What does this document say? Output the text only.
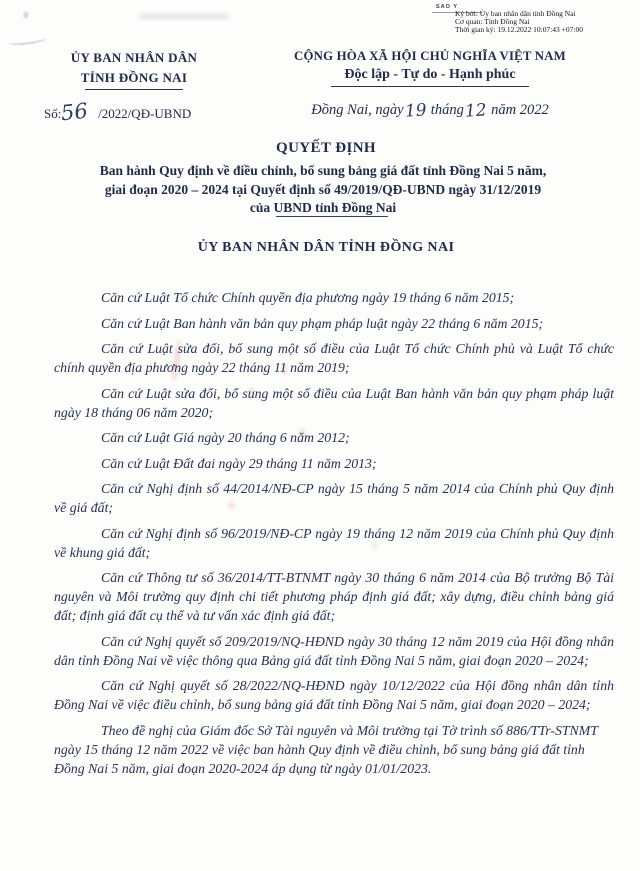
SAO Y
Ký bởi: Ủy ban nhân dân tỉnh Đồng Nai
Cơ quan: Tỉnh Đồng Nai
Thời gian ký: 19.12.2022 10:07:43 +07:00
ỦY BAN NHÂN DÂN
TỈNH ĐỒNG NAI
Số:56 /2022/QĐ-UBND
CỘNG HÒA XÃ HỘI CHỦ NGHĨA VIỆT NAM
Độc lập - Tự do - Hạnh phúc
Đồng Nai, ngày19 tháng12 năm 2022
QUYẾT ĐỊNH
Ban hành Quy định về điều chỉnh, bổ sung bảng giá đất tỉnh Đồng Nai 5 năm, giai đoạn 2020 – 2024 tại Quyết định số 49/2019/QĐ-UBND ngày 31/12/2019 của UBND tỉnh Đồng Nai
ỦY BAN NHÂN DÂN TỈNH ĐỒNG NAI

Căn cứ Luật Tổ chức Chính quyền địa phương ngày 19 tháng 6 năm 2015;

Căn cứ Luật Ban hành văn bản quy phạm pháp luật ngày 22 tháng 6 năm 2015;

Căn cứ Luật sửa đổi, bổ sung một số điều của Luật Tổ chức Chính phủ và Luật Tổ chức chính quyền địa phương ngày 22 tháng 11 năm 2019;

Căn cứ Luật sửa đổi, bổ sung một số điều của Luật Ban hành văn bản quy phạm pháp luật ngày 18 tháng 06 năm 2020;

Căn cứ Luật Giá ngày 20 tháng 6 năm 2012;

Căn cứ Luật Đất đai ngày 29 tháng 11 năm 2013;

Căn cứ Nghị định số 44/2014/NĐ-CP ngày 15 tháng 5 năm 2014 của Chính phủ Quy định về giá đất;

Căn cứ Nghị định số 96/2019/NĐ-CP ngày 19 tháng 12 năm 2019 của Chính phủ Quy định về khung giá đất;

Căn cứ Thông tư số 36/2014/TT-BTNMT ngày 30 tháng 6 năm 2014 của Bộ trưởng Bộ Tài nguyên và Môi trường quy định chi tiết phương pháp định giá đất; xây dựng, điều chỉnh bảng giá đất; định giá đất cụ thể và tư vấn xác định giá đất;

Căn cứ Nghị quyết số 209/2019/NQ-HĐND ngày 30 tháng 12 năm 2019 của Hội đồng nhân dân tỉnh Đồng Nai về việc thông qua Bảng giá đất tỉnh Đồng Nai 5 năm, giai đoạn 2020 – 2024;

Căn cứ Nghị quyết số 28/2022/NQ-HĐND ngày 10/12/2022 của Hội đồng nhân dân tỉnh Đồng Nai về việc điều chỉnh, bổ sung bảng giá đất tỉnh Đồng Nai 5 năm, giai đoạn 2020 – 2024;

Theo đề nghị của Giám đốc Sở Tài nguyên và Môi trường tại Tờ trình số 886/TTr-STNMT ngày 15 tháng 12 năm 2022 về việc ban hành Quy định về điều chỉnh, bổ sung bảng giá đất tỉnh Đồng Nai 5 năm, giai đoạn 2020-2024 áp dụng từ ngày 01/01/2023.
